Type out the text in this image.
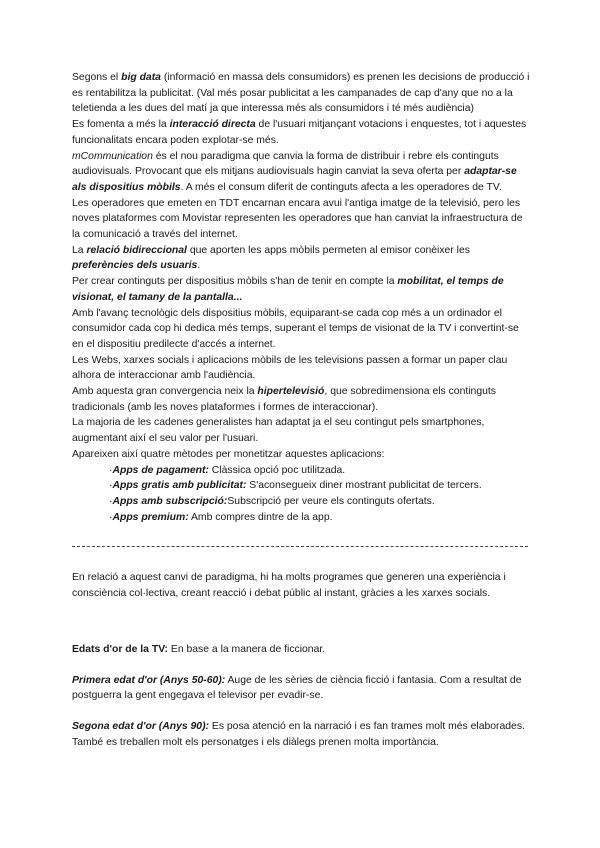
Segons el big data (informació en massa dels consumidors) es prenen les decisions de producció i es rentabilitza la publicitat. (Val més posar publicitat a les campanades de cap d'any que no a la teletienda a les dues del matí ja que interessa més als consumidors i té més audiència)

Es fomenta a més la interacció directa de l'usuari mitjançant votacions i enquestes, tot i aquestes funcionalitats encara poden explotar-se més.

mCommunication és el nou paradigma que canvia la forma de distribuir i rebre els continguts audiovisuals. Provocant que els mitjans audiovisuals hagin canviat la seva oferta per adaptar-se als dispositius mòbils. A més el consum diferit de continguts afecta a les operadores de TV.

Les operadores que emeten en TDT encarnan encara avui l'antiga imatge de la televisió, pero les noves plataformes com Movistar representen les operadores que han canviat la infraestructura de la comunicació a través del internet.

La relació bidireccional que aporten les apps mòbils permeten al emisor conèixer les preferències dels usuaris.

Per crear continguts per dispositius mòbils s'han de tenir en compte la mobilitat, el temps de visionat, el tamany de la pantalla...

Amb l'avanç tecnològic dels dispositius mòbils, equiparant-se cada cop més a un ordinador el consumidor cada cop hi dedica més temps, superant el temps de visionat de la TV i convertint-se en el dispositiu predilecte d'accés a internet.

Les Webs, xarxes socials i aplicacions mòbils de les televisions passen a formar un paper clau alhora de interaccionar amb l'audiència.

Amb aquesta gran convergencia neix la hipertelevisió, que sobredimensiona els continguts tradicionals (amb les noves plataformes i formes de interaccionar).

La majoria de les cadenes generalistes han adaptat ja el seu contingut pels smartphones, augmentant així el seu valor per l'usuari.

Apareixen així quatre mètodes per monetitzar aquestes aplicacions:

·Apps de pagament: Clàssica opció poc utilitzada.

·Apps gratis amb publicitat: S'aconsegueix diner mostrant publicitat de tercers.

·Apps amb subscripció:Subscripció per veure els continguts ofertats.

·Apps premium: Amb compres dintre de la app.

En relació a aquest canvi de paradigma, hi ha molts programes que generen una experiència i consciència col·lectiva, creant reacció i debat públic al instant, gràcies a les xarxes socials.

Edats d'or de la TV: En base a la manera de ficcionar.

Primera edat d'or (Anys 50-60): Auge de les sèries de ciència ficció i fantasia. Com a resultat de postguerra la gent engegava el televisor per evadir-se.

Segona edat d'or (Anys 90): Es posa atenció en la narració i es fan trames molt més elaborades. També es treballen molt els personatges i els diàlegs prenen molta importància.
